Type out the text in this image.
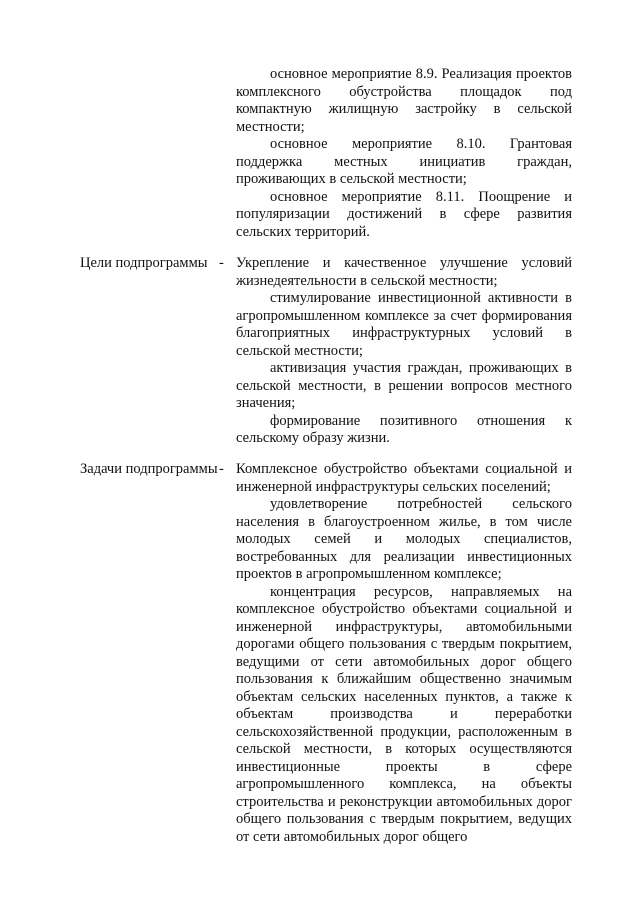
основное мероприятие 8.9. Реализация проектов комплексного обустройства площадок под компактную жилищную застройку в сельской местности;

основное мероприятие 8.10. Грантовая поддержка местных инициатив граждан, проживающих в сельской местности;

основное мероприятие 8.11. Поощрение и популяризации достижений в сфере развития сельских территорий.

Цели подпрограммы - Укрепление и качественное улучшение условий жизнедеятельности в сельской местности;

стимулирование инвестиционной активности в агропромышленном комплексе за счет формирования благоприятных инфраструктурных условий в сельской местности;

активизация участия граждан, проживающих в сельской местности, в решении вопросов местного значения;

формирование позитивного отношения к сельскому образу жизни.

Задачи подпрограммы - Комплексное обустройство объектами социальной и инженерной инфраструктуры сельских поселений;

удовлетворение потребностей сельского населения в благоустроенном жилье, в том числе молодых семей и молодых специалистов, востребованных для реализации инвестиционных проектов в агропромышленном комплексе;

концентрация ресурсов, направляемых на комплексное обустройство объектами социальной и инженерной инфраструктуры, автомобильными дорогами общего пользования с твердым покрытием, ведущими от сети автомобильных дорог общего пользования к ближайшим общественно значимым объектам сельских населенных пунктов, а также к объектам производства и переработки сельскохозяйственной продукции, расположенным в сельской местности, в которых осуществляются инвестиционные проекты в сфере агропромышленного комплекса, на объекты строительства и реконструкции автомобильных дорог общего пользования с твердым покрытием, ведущих от сети автомобильных дорог общего
